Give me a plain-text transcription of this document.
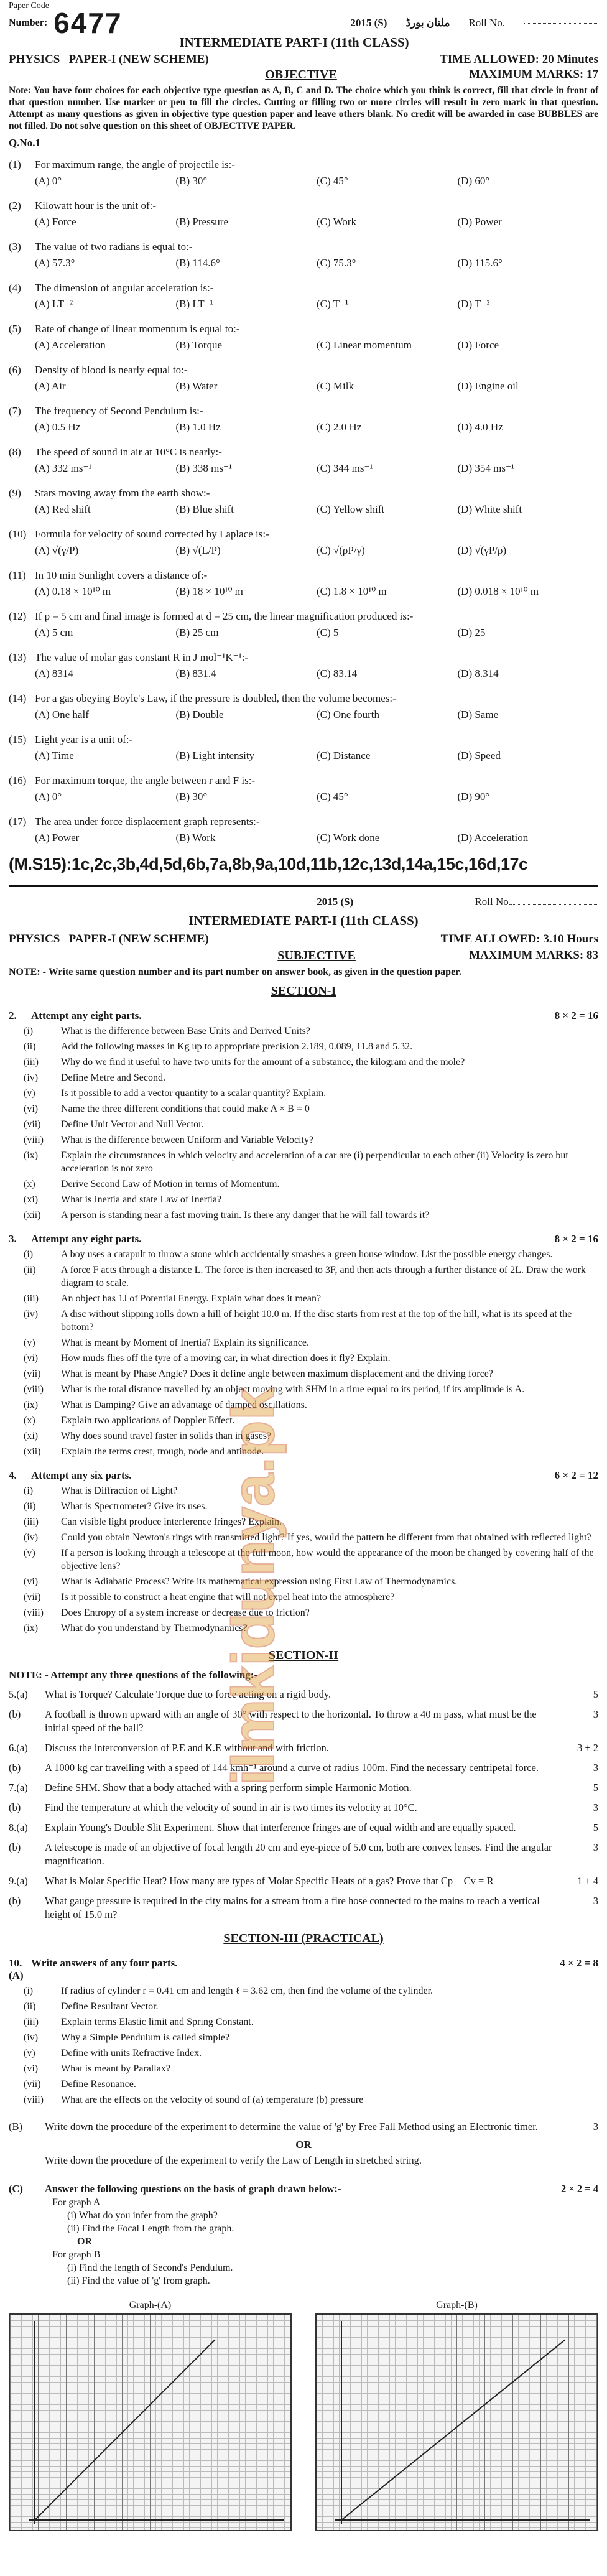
Paper Code
Number: 6477	2015 (S) ملتان بورڈ Roll No.
INTERMEDIATE PART-I (11th CLASS)
PHYSICS PAPER-I (NEW SCHEME)	TIME ALLOWED: 20 Minutes
OBJECTIVE	MAXIMUM MARKS: 17
Note: You have four choices for each objective type question as A, B, C and D. The choice which you think is correct, fill that circle in front of that question number. Use marker or pen to fill the circles. Cutting or filling two or more circles will result in zero mark in that question. Attempt as many questions as given in objective type question paper and leave others blank. No credit will be awarded in case BUBBLES are not filled. Do not solve question on this sheet of OBJECTIVE PAPER.
Q.No.1
(1)	For maximum range, the angle of projectile is:-
(A) 0°	(B) 30°	(C) 45°	(D) 60°
(2)	Kilowatt hour is the unit of:-
(A) Force	(B) Pressure	(C) Work	(D) Power
(3)	The value of two radians is equal to:-
(A) 57.3°	(B) 114.6°	(C) 75.3°	(D) 115.6°
(4)	The dimension of angular acceleration is:-
(A) LT⁻²	(B) LT⁻¹	(C) T⁻¹	(D) T⁻²
(5)	Rate of change of linear momentum is equal to:-
(A) Acceleration	(B) Torque	(C) Linear momentum	(D) Force
(6)	Density of blood is nearly equal to:-
(A) Air	(B) Water	(C) Milk	(D) Engine oil
(7)	The frequency of Second Pendulum is:-
(A) 0.5 Hz	(B) 1.0 Hz	(C) 2.0 Hz	(D) 4.0 Hz
(8)	The speed of sound in air at 10°C is nearly:-
(A) 332 ms⁻¹	(B) 338 ms⁻¹	(C) 344 ms⁻¹	(D) 354 ms⁻¹
(9)	Stars moving away from the earth show:-
(A) Red shift	(B) Blue shift	(C) Yellow shift	(D) White shift
(10) Formula for velocity of sound corrected by Laplace is:-
(A) √(γ/P)	(B) √(L/P)	(C) √(ρP/γ)	(D) √(γP/ρ)
(11) In 10 min Sunlight covers a distance of:-
(A) 0.18 × 10¹⁰ m	(B) 18 × 10¹⁰ m	(C) 1.8 × 10¹⁰ m	(D) 0.018 × 10¹⁰ m
(12) If p = 5 cm and final image is formed at d = 25 cm, the linear magnification produced is:-
(A) 5 cm	(B) 25 cm	(C) 5	(D) 25
(13) The value of molar gas constant R in J mol⁻¹K⁻¹:-
(A) 8314	(B) 831.4	(C) 83.14	(D) 8.314
(14) For a gas obeying Boyle's Law, if the pressure is doubled, then the volume becomes:-
(A) One half	(B) Double	(C) One fourth	(D) Same
(15) Light year is a unit of:-
(A) Time	(B) Light intensity	(C) Distance	(D) Speed
(16) For maximum torque, the angle between r and F is:-
(A) 0°	(B) 30°	(C) 45°	(D) 90°
(17) The area under force displacement graph represents:-
(A) Power	(B) Work	(C) Work done	(D) Acceleration
(M.S15):1c,2c,3b,4d,5d,6b,7a,8b,9a,10d,11b,12c,13d,14a,15c,16d,17c
2015 (S)	Roll No.
INTERMEDIATE PART-I (11th CLASS)
PHYSICS PAPER-I (NEW SCHEME)	TIME ALLOWED: 3.10 Hours
SUBJECTIVE	MAXIMUM MARKS: 83
NOTE: - Write same question number and its part number on answer book, as given in the question paper.
SECTION-I
2.	Attempt any eight parts.	8 × 2 = 16
(i)	What is the difference between Base Units and Derived Units?
(ii)	Add the following masses in Kg up to appropriate precision 2.189, 0.089, 11.8 and 5.32.
(iii)	Why do we find it useful to have two units for the amount of a substance, the kilogram and the mole?
(iv)	Define Metre and Second.
(v)	Is it possible to add a vector quantity to a scalar quantity? Explain.
(vi)	Name the three different conditions that could make A × B = 0
(vii)	Define Unit Vector and Null Vector.
(viii)	What is the difference between Uniform and Variable Velocity?
(ix)	Explain the circumstances in which velocity and acceleration of a car are (i) perpendicular to each other (ii) Velocity is zero but acceleration is not zero
(x)	Derive Second Law of Motion in terms of Momentum.
(xi)	What is Inertia and state Law of Inertia?
(xii)	A person is standing near a fast moving train. Is there any danger that he will fall towards it?
3.	Attempt any eight parts.	8 × 2 = 16
(i)	A boy uses a catapult to throw a stone which accidentally smashes a green house window. List the possible energy changes.
(ii)	A force F acts through a distance L. The force is then increased to 3F, and then acts through a further distance of 2L. Draw the work diagram to scale.
(iii)	An object has 1J of Potential Energy. Explain what does it mean?
(iv)	A disc without slipping rolls down a hill of height 10.0 m. If the disc starts from rest at the top of the hill, what is its speed at the bottom?
(v)	What is meant by Moment of Inertia? Explain its significance.
(vi)	How muds flies off the tyre of a moving car, in what direction does it fly? Explain.
(vii)	What is meant by Phase Angle? Does it define angle between maximum displacement and the driving force?
(viii)	What is the total distance travelled by an object moving with SHM in a time equal to its period, if its amplitude is A.
(ix)	What is Damping? Give an advantage of damped oscillations.
(x)	Explain two applications of Doppler Effect.
(xi)	Why does sound travel faster in solids than in gases?
(xii)	Explain the terms crest, trough, node and antinode.
4.	Attempt any six parts.	6 × 2 = 12
(i)	What is Diffraction of Light?
(ii)	What is Spectrometer? Give its uses.
(iii)	Can visible light produce interference fringes? Explain.
(iv)	Could you obtain Newton's rings with transmitted light? If yes, would the pattern be different from that obtained with reflected light?
(v)	If a person is looking through a telescope at the full moon, how would the appearance of the moon be changed by covering half of the objective lens?
(vi)	What is Adiabatic Process? Write its mathematical expression using First Law of Thermodynamics.
(vii)	Is it possible to construct a heat engine that will not expel heat into the atmosphere?
(viii)	Does Entropy of a system increase or decrease due to friction?
(ix)	What do you understand by Thermodynamics?
SECTION-II
NOTE: - Attempt any three questions of the following:-
5.(a)	What is Torque? Calculate Torque due to force acting on a rigid body.	5
(b)	A football is thrown upward with an angle of 30° with respect to the horizontal. To throw a 40 m pass, what must be the initial speed of the ball?
3
6.(a)	Discuss the interconversion of P.E and K.E without and with friction.	3 + 2
(b)	A 1000 kg car travelling with a speed of 144 kmh⁻¹ around a curve of radius 100m. Find the necessary centripetal force.	3
7.(a)	Define SHM. Show that a body attached with a spring perform simple Harmonic Motion.	5
(b)	Find the temperature at which the velocity of sound in air is two times its velocity at 10°C.	3
8.(a)	Explain Young's Double Slit Experiment. Show that interference fringes are of equal width and are equally spaced.	5
(b)	A telescope is made of an objective of focal length 20 cm and eye-piece of 5.0 cm, both are convex lenses. Find the angular magnification.
3
9.(a)	What is Molar Specific Heat? How many are types of Molar Specific Heats of a gas? Prove that Cp − Cv = R	1 + 4
(b)	What gauge pressure is required in the city mains for a stream from a fire hose connected to the mains to reach a vertical height of 15.0 m?
3
SECTION-III (PRACTICAL)
10. (A)
Write answers of any four parts.	4 × 2 = 8
(i)	If radius of cylinder r = 0.41 cm and length ℓ = 3.62 cm, then find the volume of the cylinder.
(ii)	Define Resultant Vector.
(iii)	Explain terms Elastic limit and Spring Constant.
(iv)	Why a Simple Pendulum is called simple?
(v)	Define with units Refractive Index.
(vi)	What is meant by Parallax?
(vii)	Define Resonance.
(viii)	What are the effects on the velocity of sound of (a) temperature (b) pressure
(B)	Write down the procedure of the experiment to determine the value of 'g' by Free Fall Method using an Electronic timer.	3
OR
Write down the procedure of the experiment to verify the Law of Length in stretched string.
(C)	Answer the following questions on the basis of graph drawn below:-	2 × 2 = 4
For graph A
(i) What do you infer from the graph?
(ii) Find the Focal Length from the graph.
OR
For graph B
(i) Find the length of Second's Pendulum.
(ii) Find the value of 'g' from graph.
Graph-(A)	Graph-(B)
ilmkidunya.pk
